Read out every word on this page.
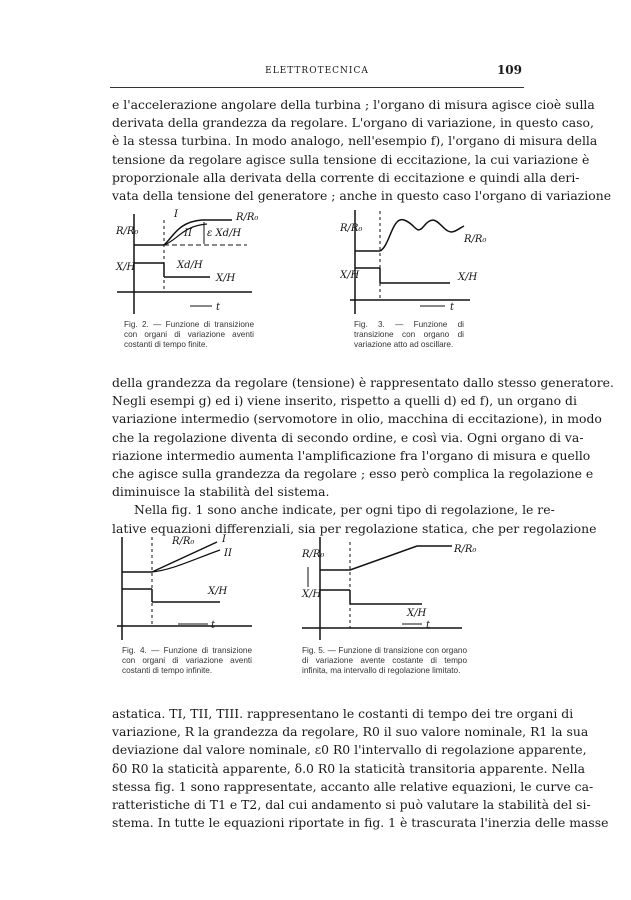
ELETTROTECNICA	109
e l'accelerazione angolare della turbina ; l'organo di misura agisce cioè sulla
derivata della grandezza da regolare. L'organo di variazione, in questo caso,
è la stessa turbina. In modo analogo, nell'esempio f), l'organo di misura della
tensione da regolare agisce sulla tensione di eccitazione, la cui variazione è
proporzionale alla derivata della corrente di eccitazione e quindi alla deri-
vata della tensione del generatore ; anche in questo caso l'organo di variazione
R/R₀
X/H
R/R₀
X/H
I
II ε Xd/H
Xd/H
t
Fig. 2. — Funzione di transizione con organi di variazione aventi costanti di tempo finite.
R/R₀
X/H
R/R₀
X/H
t
Fig. 3. — Funzione di transizione con organo di variazione atto ad oscillare.
della grandezza da regolare (tensione) è rappresentato dallo stesso generatore.
Negli esempi g) ed i) viene inserito, rispetto a quelli d) ed f), un organo di
variazione intermedio (servomotore in olio, macchina di eccitazione), in modo
che la regolazione diventa di secondo ordine, e così via. Ogni organo di va-
riazione intermedio aumenta l'amplificazione fra l'organo di misura e quello
che agisce sulla grandezza da regolare ; esso però complica la regolazione e
diminuisce la stabilità del sistema.
Nella fig. 1 sono anche indicate, per ogni tipo di regolazione, le re-
lative equazioni differenziali, sia per regolazione statica, che per regolazione
R/R₀	I
II
X/H
t
Fig. 4. — Funzione di transizione con organi di variazione aventi costanti di tempo infinite.
R/R₀
X/H
R/R₀
X/H
t
Fig. 5. — Funzione di transizione con organo di variazione avente costante di tempo infinita, ma intervallo di regolazione limitato.
astatica. TI, TII, TIII. rappresentano le costanti di tempo dei tre organi di
variazione, R la grandezza da regolare, R0 il suo valore nominale, R1 la sua
deviazione dal valore nominale, ε0 R0 l'intervallo di regolazione apparente,
δ0 R0 la staticità apparente, δ.0 R0 la staticità transitoria apparente. Nella
stessa fig. 1 sono rappresentate, accanto alle relative equazioni, le curve ca-
ratteristiche di T1 e T2, dal cui andamento si può valutare la stabilità del si-
stema. In tutte le equazioni riportate in fig. 1 è trascurata l'inerzia delle masse
